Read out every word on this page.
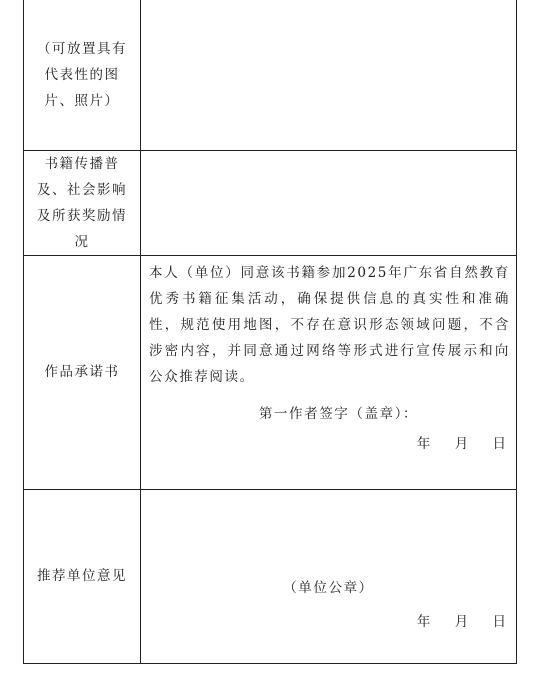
（可放置具有代表性的图片、照片）	
书籍传播普及、社会影响及所获奖励情况	
作品承诺书	本人（单位）同意该书籍参加2025年广东省自然教育优秀书籍征集活动，确保提供信息的真实性和准确性，规范使用地图，不存在意识形态领域问题，不含涉密内容，并同意通过网络等形式进行宣传展示和向公众推荐阅读。

第一作者签字（盖章）：
年 月 日

推荐单位意见	（单位公章）
年 月 日
